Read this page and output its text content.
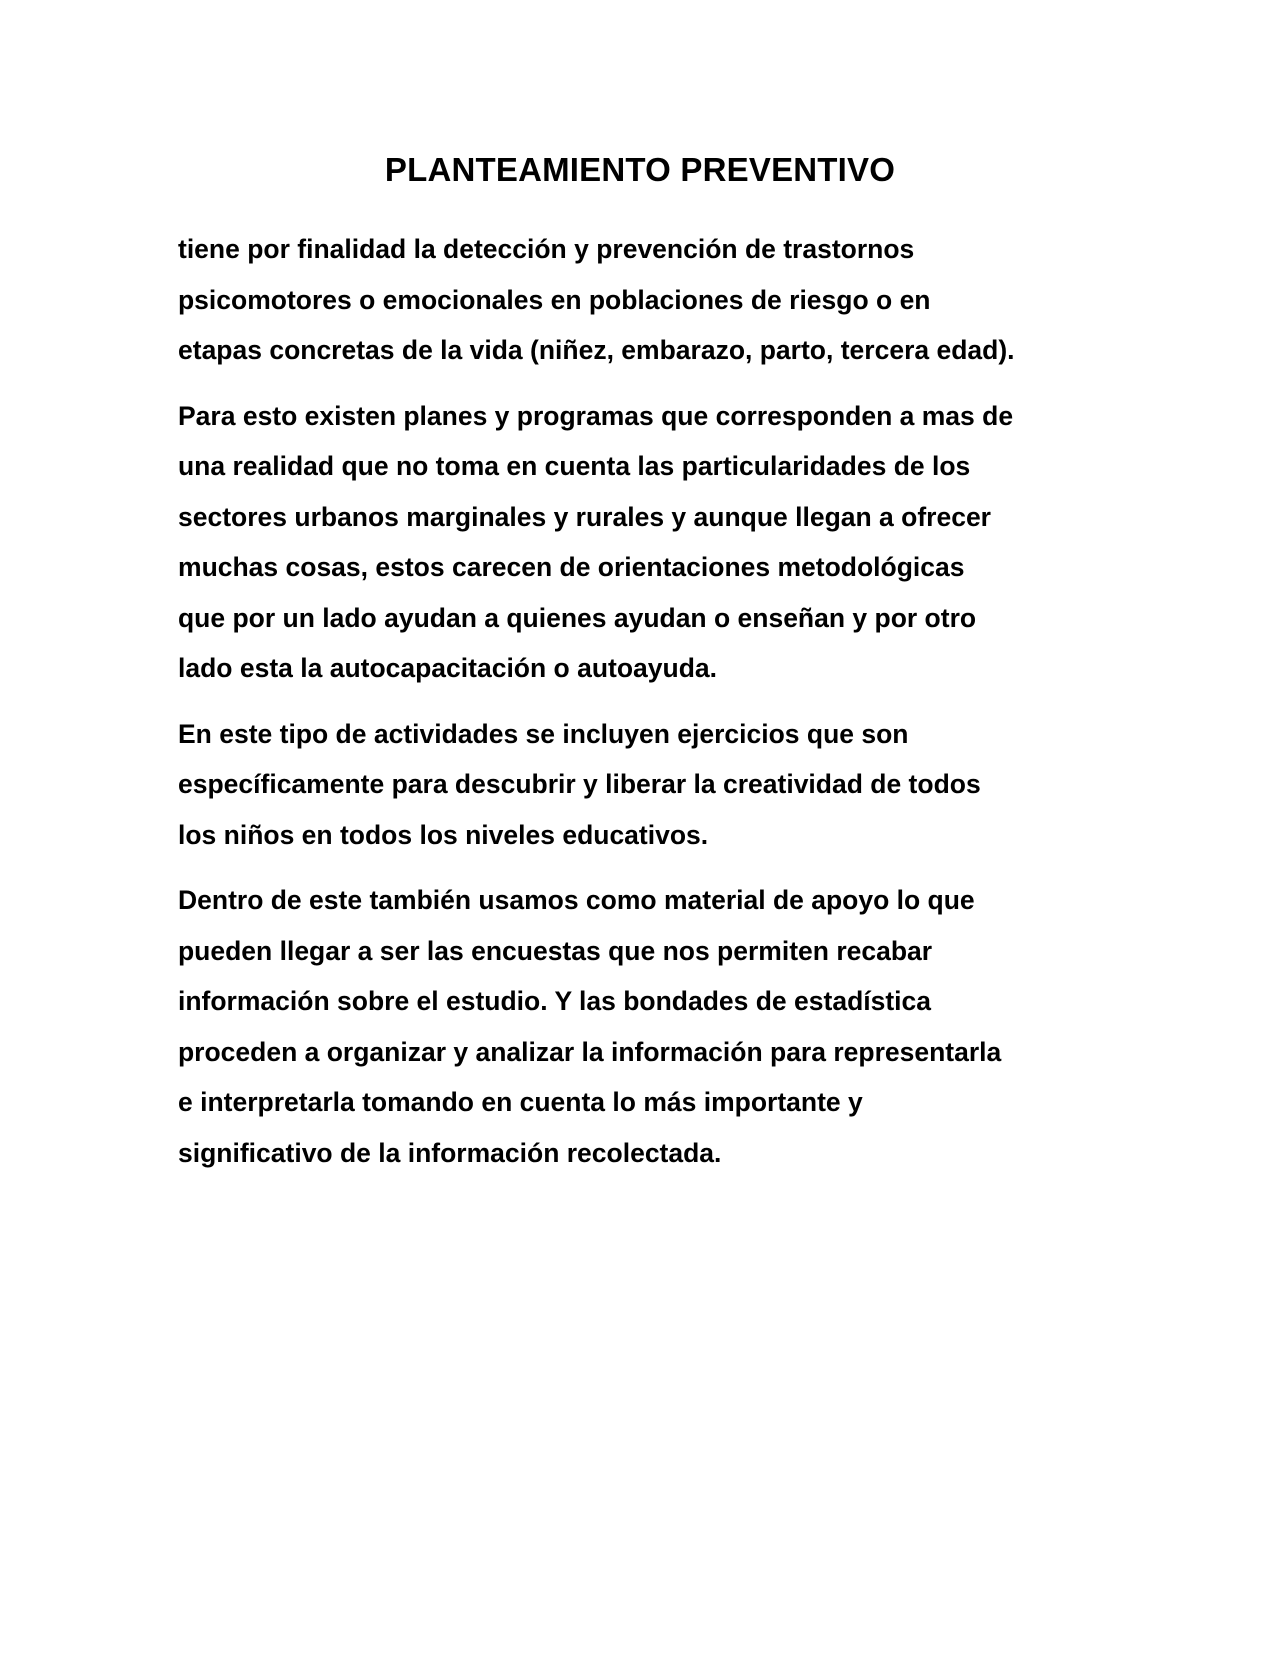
PLANTEAMIENTO PREVENTIVO

tiene por finalidad la detección y prevención de trastornos
psicomotores o emocionales en poblaciones de riesgo o en
etapas concretas de la vida (niñez, embarazo, parto, tercera edad).

Para esto existen planes y programas que corresponden a mas de
una realidad que no toma en cuenta las particularidades de los
sectores urbanos marginales y rurales y aunque llegan a ofrecer
muchas cosas, estos carecen de orientaciones metodológicas
que por un lado ayudan a quienes ayudan o enseñan y por otro
lado esta la autocapacitación o autoayuda.

En este tipo de actividades se incluyen ejercicios que son
específicamente para descubrir y liberar la creatividad de todos
los niños en todos los niveles educativos.

Dentro de este también usamos como material de apoyo lo que
pueden llegar a ser las encuestas que nos permiten recabar
información sobre el estudio. Y las bondades de estadística
proceden a organizar y analizar la información para representarla
e interpretarla tomando en cuenta lo más importante y
significativo de la información recolectada.
